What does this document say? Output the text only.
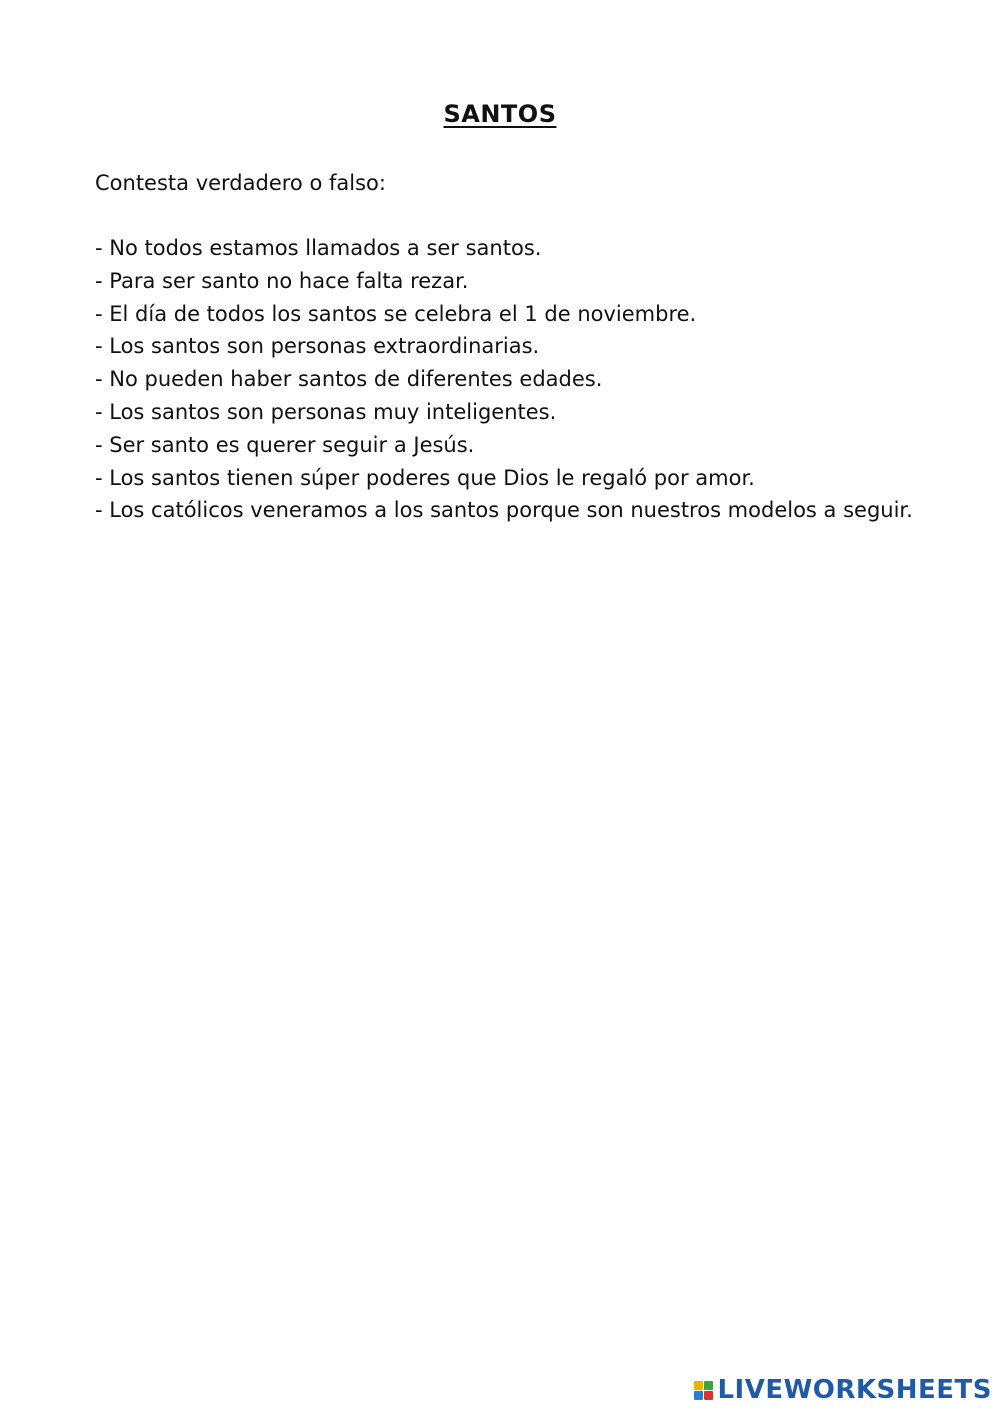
SANTOS
Contesta verdadero o falso:
- No todos estamos llamados a ser santos.
- Para ser santo no hace falta rezar.
- El día de todos los santos se celebra el 1 de noviembre.
- Los santos son personas extraordinarias.
- No pueden haber santos de diferentes edades.
- Los santos son personas muy inteligentes.
- Ser santo es querer seguir a Jesús.
- Los santos tienen súper poderes que Dios le regaló por amor.
- Los católicos veneramos a los santos porque son nuestros modelos a seguir.
LIVEWORKSHEETS
